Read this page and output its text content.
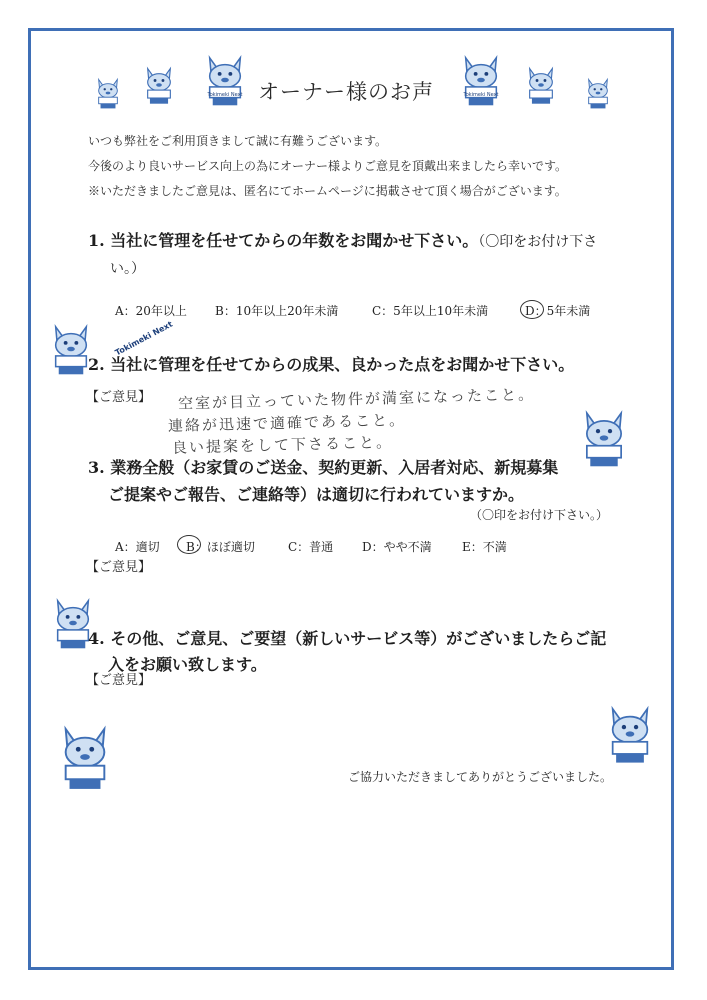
Tokimeki Next	Tokimeki Next
オーナー様のお声
いつも弊社をご利用頂きまして誠に有難うございます。
今後のより良いサービス向上の為にオーナー様よりご意見を頂戴出来ましたら幸いです。
※いただきましたご意見は、匿名にてホームページに掲載させて頂く場合がございます。
1. 当社に管理を任せてからの年数をお聞かせ下さい。（〇印をお付け下さ
い。）
A：20年以上 B：10年以上20年未満	C：5年以上10年未満	D：5年未満
Tokimeki Next
2. 当社に管理を任せてからの成果、良かった点をお聞かせ下さい。
【ご意見】 空室が目立っていた物件が満室になったこと。
連絡が迅速で適確であること。
良い提案をして下さること。
3. 業務全般（お家賃のご送金、契約更新、入居者対応、新規募集
ご提案やご報告、ご連絡等）は適切に行われていますか。
（〇印をお付け下さい。）
A：適切 B：ほぼ適切	C：普通 D：やや不満	E：不満
【ご意見】
4. その他、ご意見、ご要望（新しいサービス等）がございましたらご記
入をお願い致します。
【ご意見】
Next	ご協力いただきましてありがとうございました。
